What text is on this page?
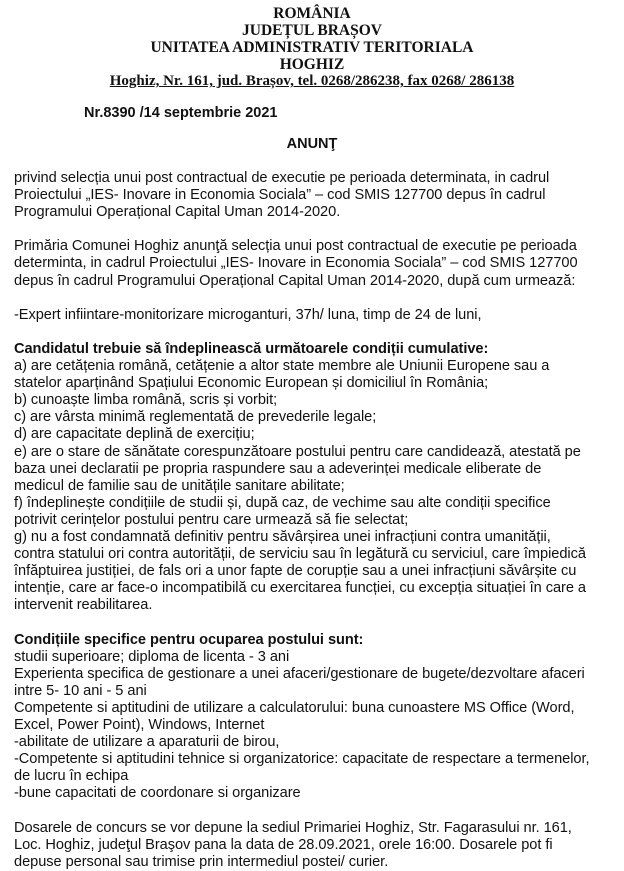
ROMÂNIA
JUDEȚUL BRAȘOV
UNITATEA ADMINISTRATIV TERITORIALA
HOGHIZ
Hoghiz, Nr. 161, jud. Brașov, tel. 0268/286238, fax 0268/ 286138
Nr.8390 /14 septembrie 2021
ANUNŢ

privind selecția unui post contractual de executie pe perioada determinata, in cadrul

Proiectului „IES- Inovare in Economia Sociala” – cod SMIS 127700 depus în cadrul

Programului Operațional Capital Uman 2014-2020.

Primăria Comunei Hoghiz anunţă selecția unui post contractual de executie pe perioada

determinta, in cadrul Proiectului „IES- Inovare in Economia Sociala” – cod SMIS 127700

depus în cadrul Programului Operațional Capital Uman 2014-2020, după cum urmează:

-Expert infiintare-monitorizare microganturi, 37h/ luna, timp de 24 de luni,

Candidatul trebuie să îndeplinească următoarele condiții cumulative:

a) are cetățenia română, cetățenie a altor state membre ale Uniunii Europene sau a

statelor aparținând Spațiului Economic European și domiciliul în România;

b) cunoaște limba română, scris și vorbit;

c) are vârsta minimă reglementată de prevederile legale;

d) are capacitate deplină de exercițiu;

e) are o stare de sănătate corespunzătoare postului pentru care candidează, atestată pe

baza unei declaratii pe propria raspundere sau a adeverinței medicale eliberate de

medicul de familie sau de unitățile sanitare abilitate;

f) îndeplinește condițiile de studii și, după caz, de vechime sau alte condiții specifice

potrivit cerințelor postului pentru care urmează să fie selectat;

g) nu a fost condamnată definitiv pentru săvârșirea unei infracțiuni contra umanității,

contra statului ori contra autorității, de serviciu sau în legătură cu serviciul, care împiedică

înfăptuirea justiției, de fals ori a unor fapte de corupție sau a unei infracțiuni săvârșite cu

intenție, care ar face-o incompatibilă cu exercitarea funcției, cu excepția situației în care a

intervenit reabilitarea.

Condițiile specifice pentru ocuparea postului sunt:

studii superioare; diploma de licenta - 3 ani

Experienta specifica de gestionare a unei afaceri/gestionare de bugete/dezvoltare afaceri

intre 5- 10 ani - 5 ani

Competente si aptitudini de utilizare a calculatorului: buna cunoastere MS Office (Word,

Excel, Power Point), Windows, Internet

-abilitate de utilizare a aparaturii de birou,

-Competente si aptitudini tehnice si organizatorice: capacitate de respectare a termenelor,

de lucru în echipa

-bune capacitati de coordonare si organizare

Dosarele de concurs se vor depune la sediul Primariei Hoghiz, Str. Fagarasului nr. 161,

Loc. Hoghiz, judeţul Braşov pana la data de 28.09.2021, orele 16:00. Dosarele pot fi

depuse personal sau trimise prin intermediul postei/ curier.
